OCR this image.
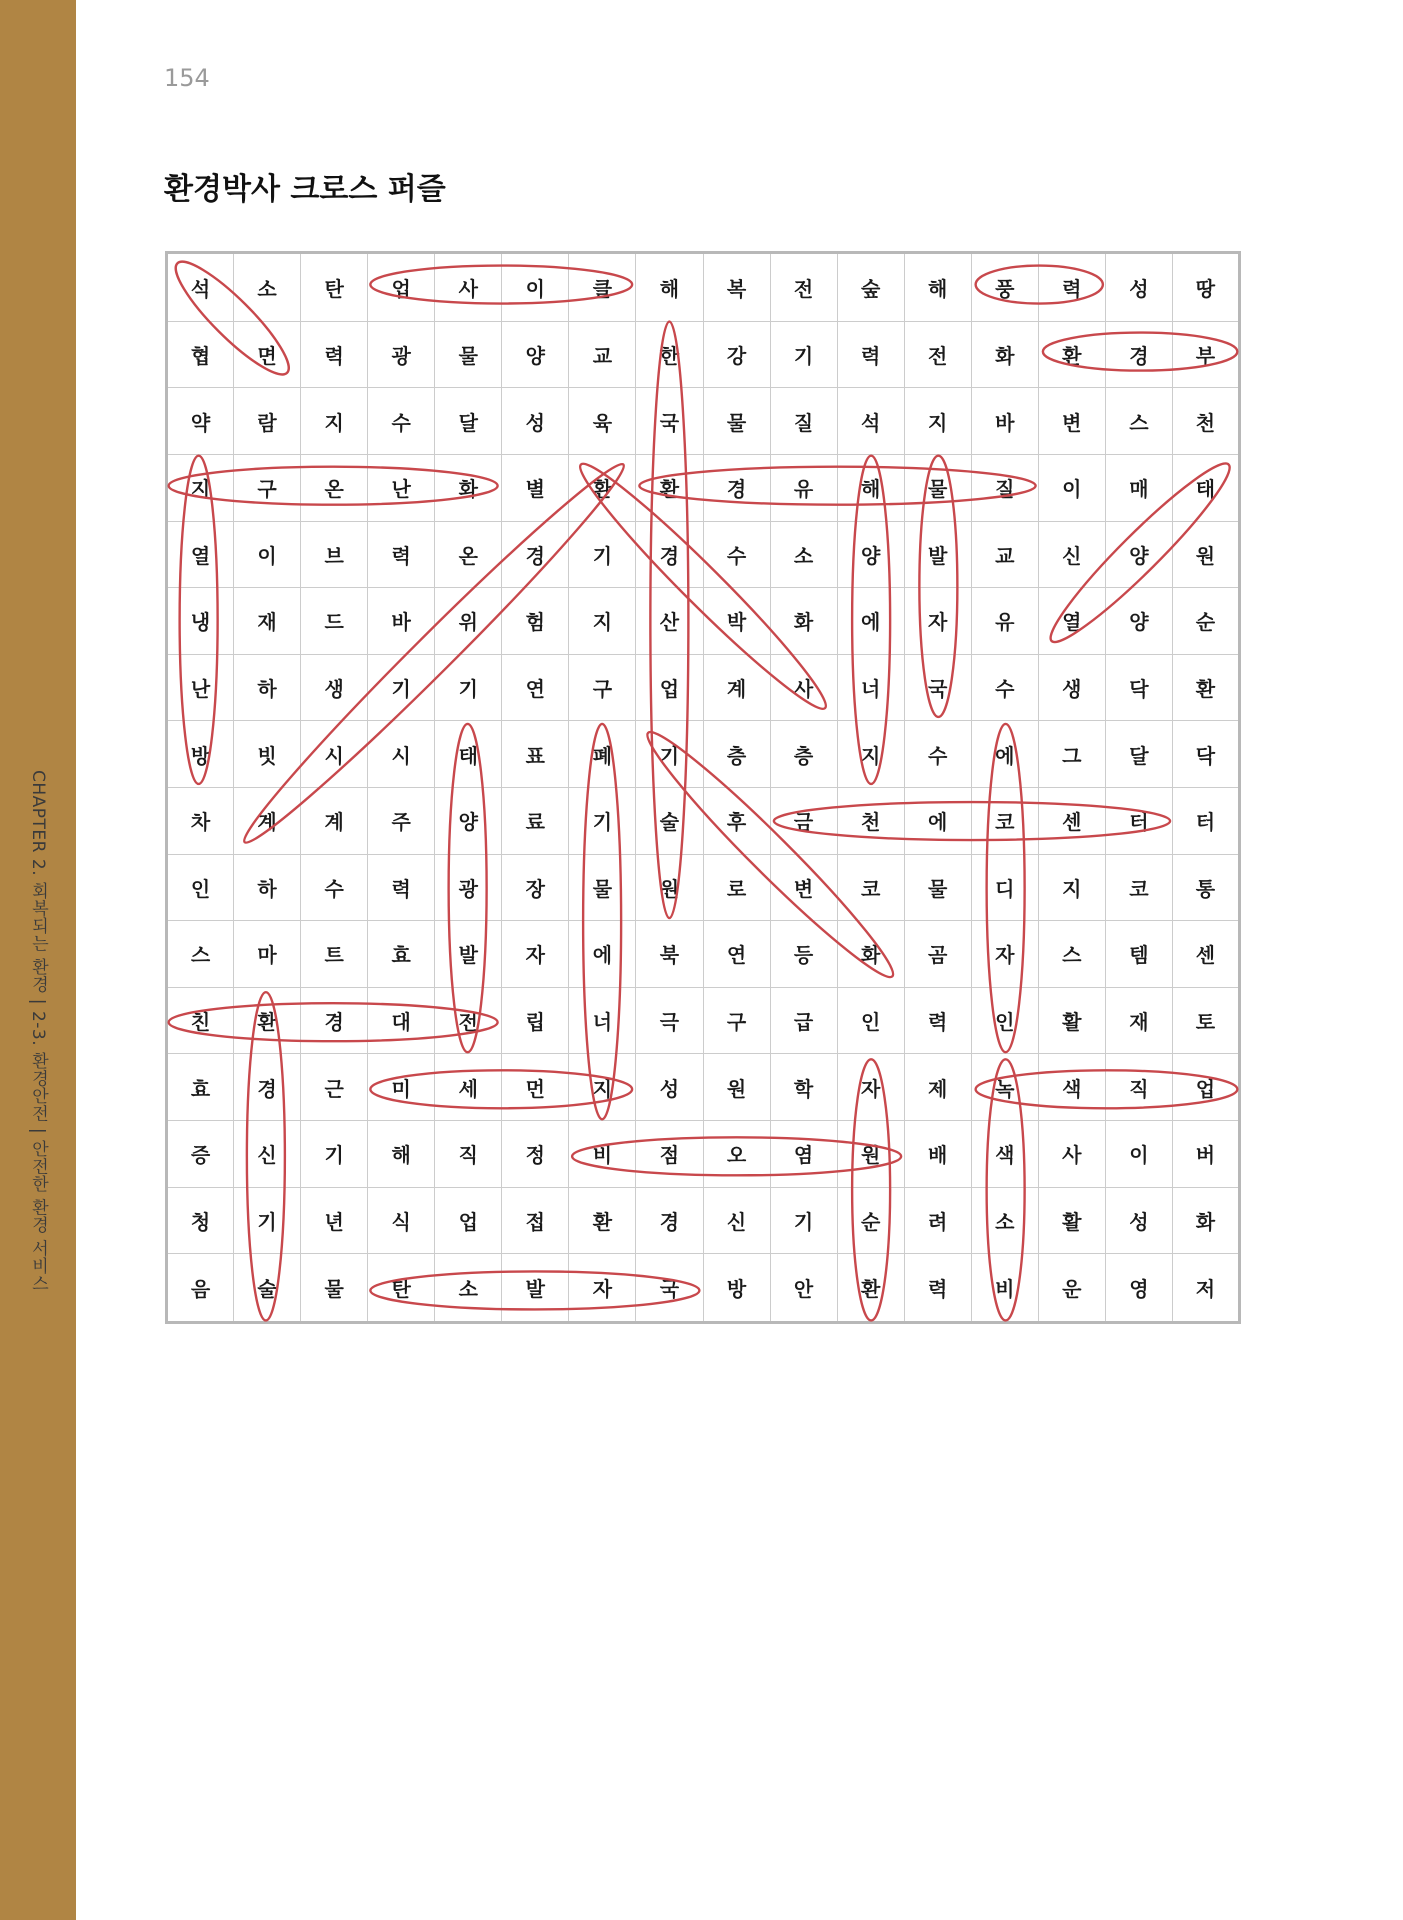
CHAPTER 2. 회복되는 환경 | 2-3. 환경안전 | 안전한 환경 서비스
154
환경박사 크로스 퍼즐
석	소	탄	업	사	이	클	해	복	전	숲	해	풍	력	성	땅
협	면	력	광	물	양	교	한	강	기	력	전	화	환	경	부
약	람	지	수	달	성	육	국	물	질	석	지	바	변	스	천
지	구	온	난	화	별	환	환	경	유	해	물	질	이	매	태
열	이	브	력	온	경	기	경	수	소	양	발	교	신	양	원
냉	재	드	바	위	험	지	산	박	화	에	자	유	열	양	순
난	하	생	기	기	연	구	업	계	사	너	국	수	생	닥	환
방	빗	시	시	태	표	폐	기	층	층	지	수	에	그	달	닥
차	계	계	주	양	료	기	술	후	금	천	에	코	센	터	터
인	하	수	력	광	장	물	원	로	변	코	물	디	지	코	통
스	마	트	효	발	자	에	북	연	등	화	곰	자	스	템	센
친	환	경	대	전	립	너	극	구	급	인	력	인	활	재	토
효	경	근	미	세	먼	지	성	원	학	자	제	녹	색	직	업
증	신	기	해	직	정	비	점	오	염	원	배	색	사	이	버
청	기	년	식	업	접	환	경	신	기	순	려	소	활	성	화
음	술	물	탄	소	발	자	국	방	안	환	력	비	운	영	저
